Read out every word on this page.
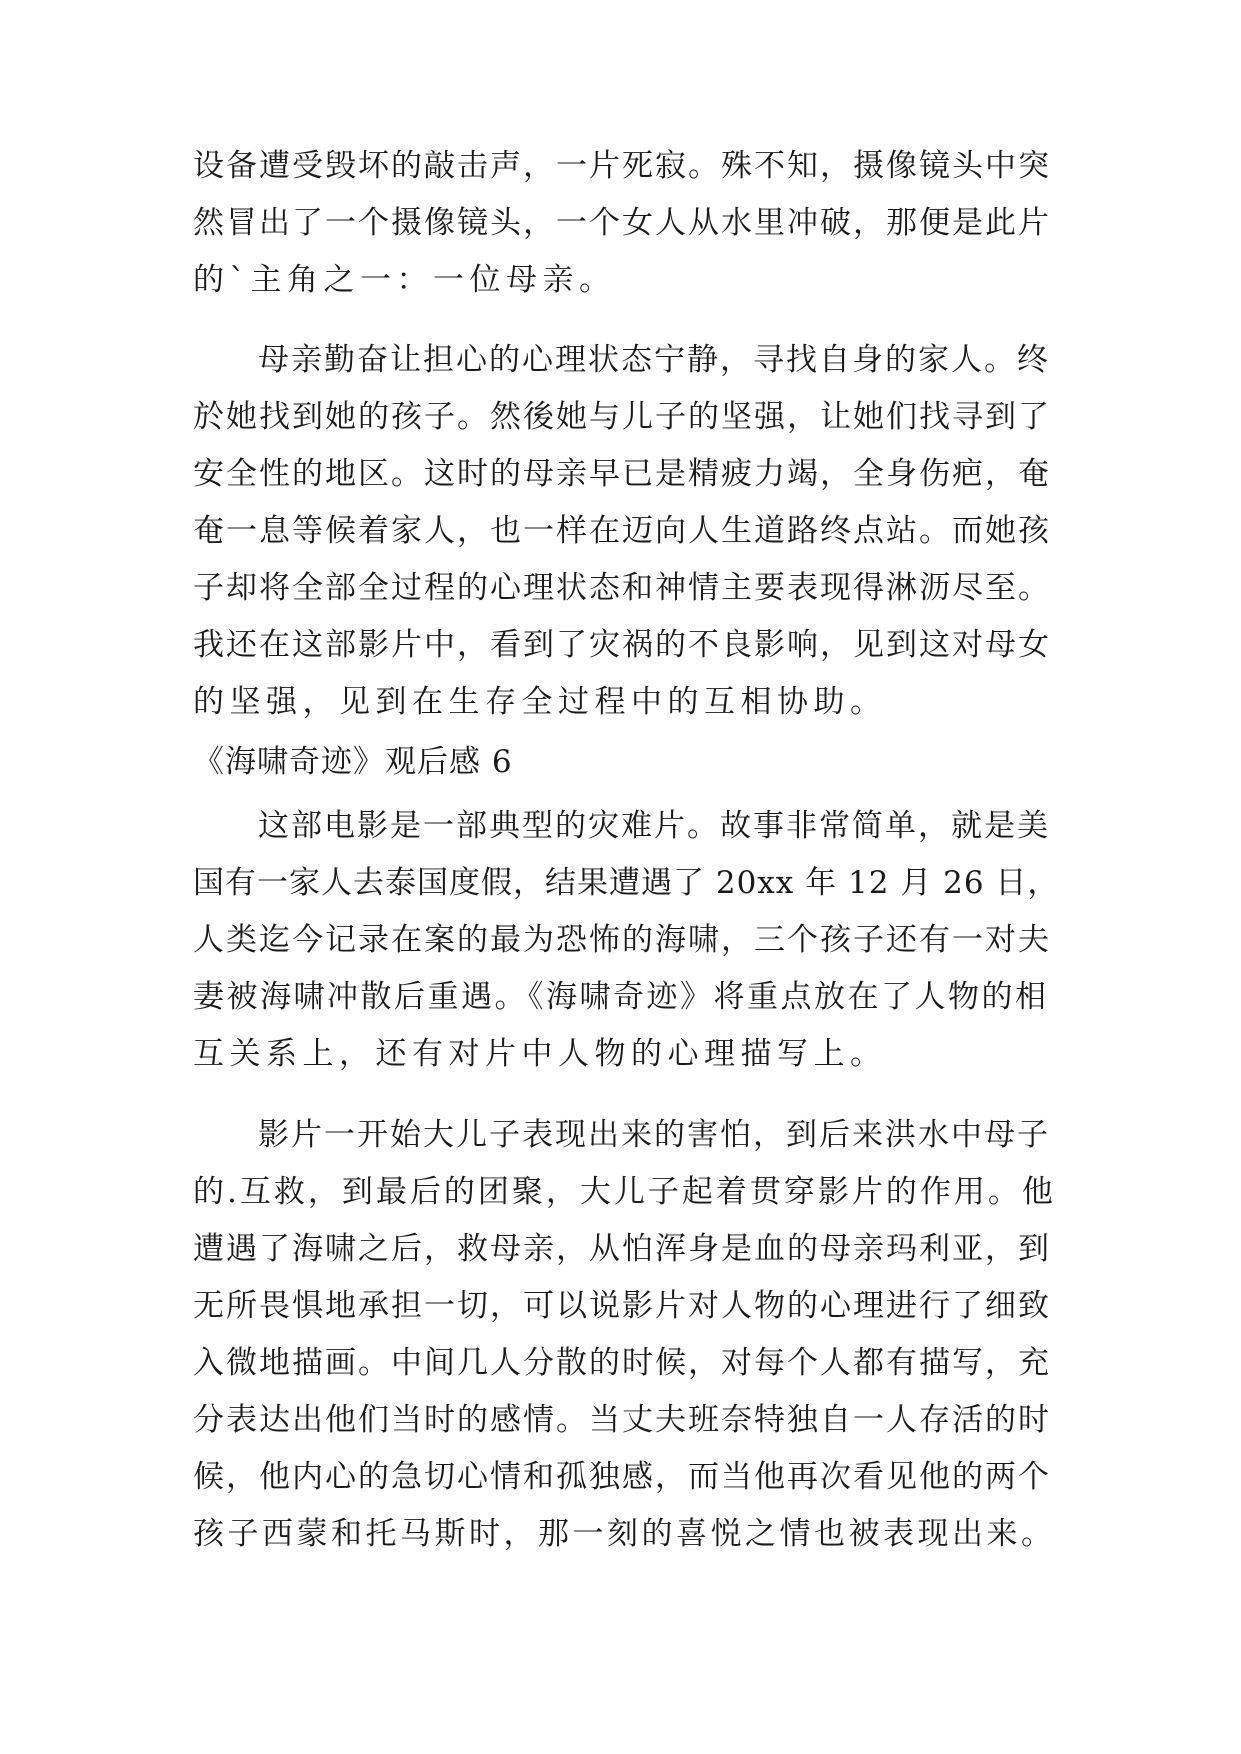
设备遭受毁坏的敲击声，一片死寂。殊不知，摄像镜头中突

然冒出了一个摄像镜头，一个女人从水里冲破，那便是此片

的`主角之一：一位母亲。

母亲勤奋让担心的心理状态宁静，寻找自身的家人。终

於她找到她的孩子。然後她与儿子的坚强，让她们找寻到了

安全性的地区。这时的母亲早已是精疲力竭，全身伤疤，奄

奄一息等候着家人，也一样在迈向人生道路终点站。而她孩

子却将全部全过程的心理状态和神情主要表现得淋沥尽至。

我还在这部影片中，看到了灾祸的不良影响，见到这对母女

的坚强，见到在生存全过程中的互相协助。

《海啸奇迹》观后感 6

这部电影是一部典型的灾难片。故事非常简单，就是美

国有一家人去泰国度假，结果遭遇了 20xx 年 12 月 26 日，

人类迄今记录在案的最为恐怖的海啸，三个孩子还有一对夫

妻被海啸冲散后重遇。《海啸奇迹》将重点放在了人物的相

互关系上，还有对片中人物的心理描写上。

影片一开始大儿子表现出来的害怕，到后来洪水中母子

的.互救，到最后的团聚，大儿子起着贯穿影片的作用。他

遭遇了海啸之后，救母亲，从怕浑身是血的母亲玛利亚，到

无所畏惧地承担一切，可以说影片对人物的心理进行了细致

入微地描画。中间几人分散的时候，对每个人都有描写，充

分表达出他们当时的感情。当丈夫班奈特独自一人存活的时

候，他内心的急切心情和孤独感，而当他再次看见他的两个

孩子西蒙和托马斯时，那一刻的喜悦之情也被表现出来。
